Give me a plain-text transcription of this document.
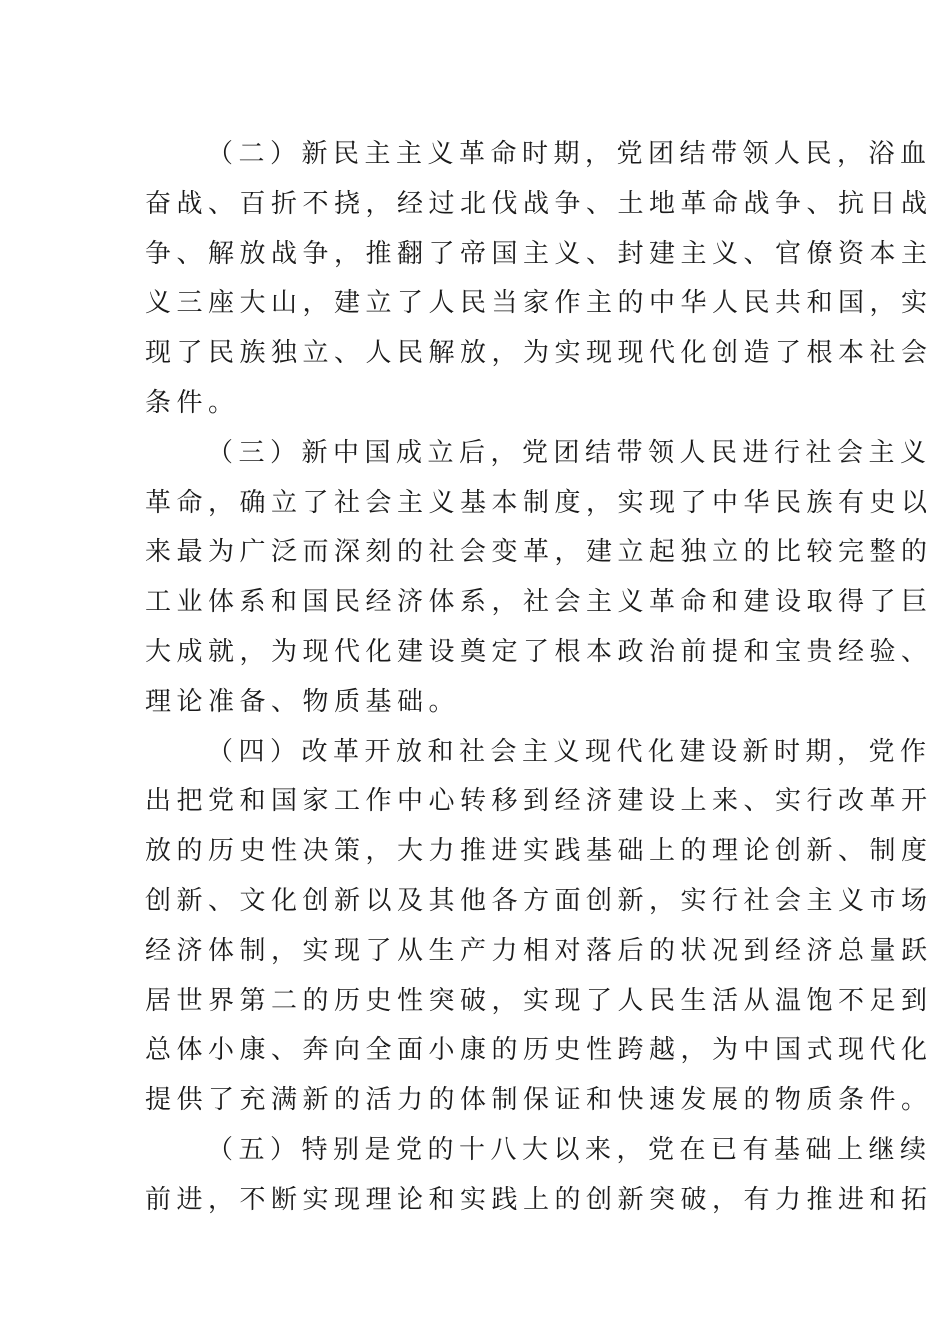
（二）新民主主义革命时期，党团结带领人民，浴血
奋战、百折不挠，经过北伐战争、土地革命战争、抗日战
争、解放战争，推翻了帝国主义、封建主义、官僚资本主
义三座大山，建立了人民当家作主的中华人民共和国，实
现了民族独立、人民解放，为实现现代化创造了根本社会
条件。
（三）新中国成立后，党团结带领人民进行社会主义
革命，确立了社会主义基本制度，实现了中华民族有史以
来最为广泛而深刻的社会变革，建立起独立的比较完整的
工业体系和国民经济体系，社会主义革命和建设取得了巨
大成就，为现代化建设奠定了根本政治前提和宝贵经验、
理论准备、物质基础。
（四）改革开放和社会主义现代化建设新时期，党作
出把党和国家工作中心转移到经济建设上来、实行改革开
放的历史性决策，大力推进实践基础上的理论创新、制度
创新、文化创新以及其他各方面创新，实行社会主义市场
经济体制，实现了从生产力相对落后的状况到经济总量跃
居世界第二的历史性突破，实现了人民生活从温饱不足到
总体小康、奔向全面小康的历史性跨越，为中国式现代化
提供了充满新的活力的体制保证和快速发展的物质条件。
（五）特别是党的十八大以来，党在已有基础上继续
前进，不断实现理论和实践上的创新突破，有力推进和拓
